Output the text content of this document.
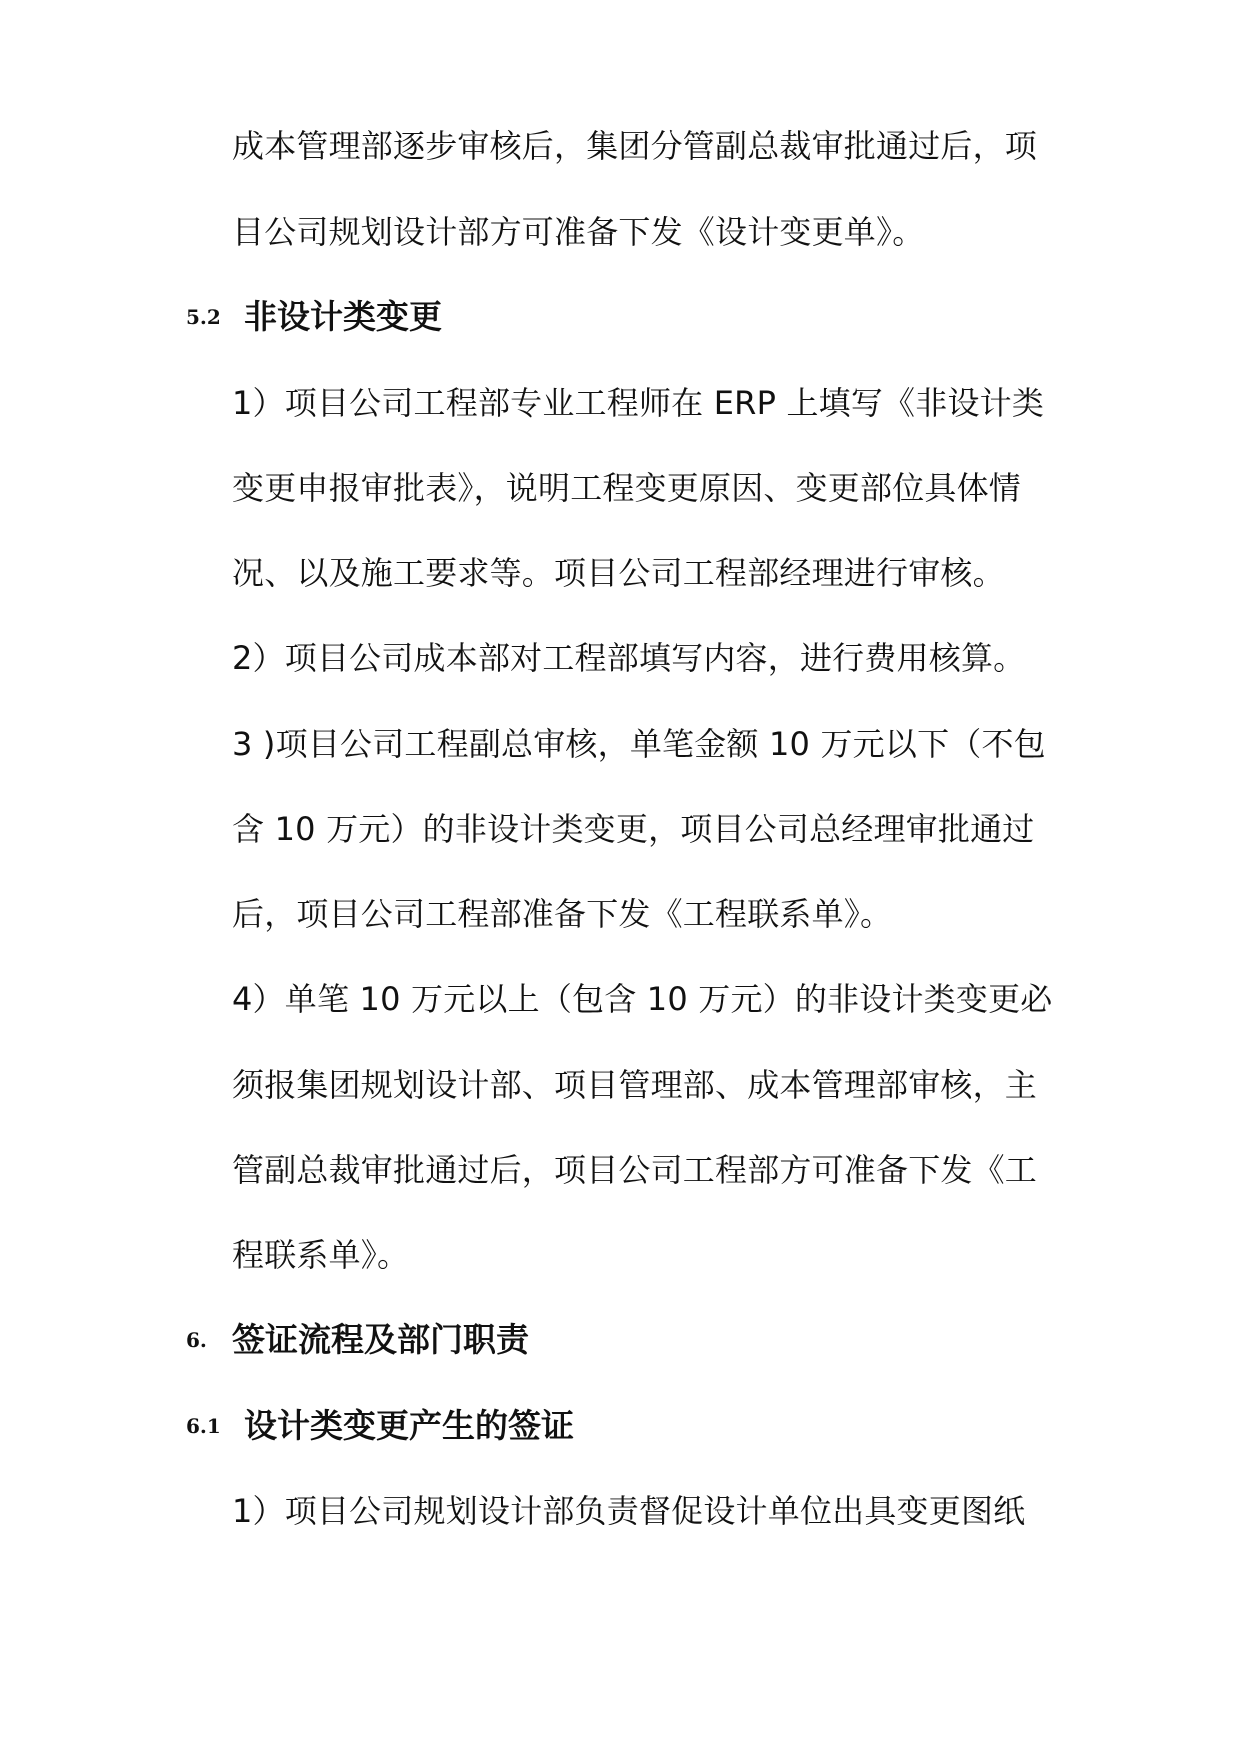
成本管理部逐步审核后，集团分管副总裁审批通过后，项
目公司规划设计部方可准备下发《设计变更单》。
5.2 非设计类变更
1）项目公司工程部专业工程师在 ERP 上填写《非设计类
变更申报审批表》，说明工程变更原因、变更部位具体情
况、以及施工要求等。项目公司工程部经理进行审核。
2）项目公司成本部对工程部填写内容，进行费用核算。
3 )项目公司工程副总审核，单笔金额 10 万元以下（不包
含 10 万元）的非设计类变更，项目公司总经理审批通过
后，项目公司工程部准备下发《工程联系单》。
4）单笔 10 万元以上（包含 10 万元）的非设计类变更必
须报集团规划设计部、项目管理部、成本管理部审核，主
管副总裁审批通过后，项目公司工程部方可准备下发《工
程联系单》。
6. 签证流程及部门职责
6.1 设计类变更产生的签证
1）项目公司规划设计部负责督促设计单位出具变更图纸
